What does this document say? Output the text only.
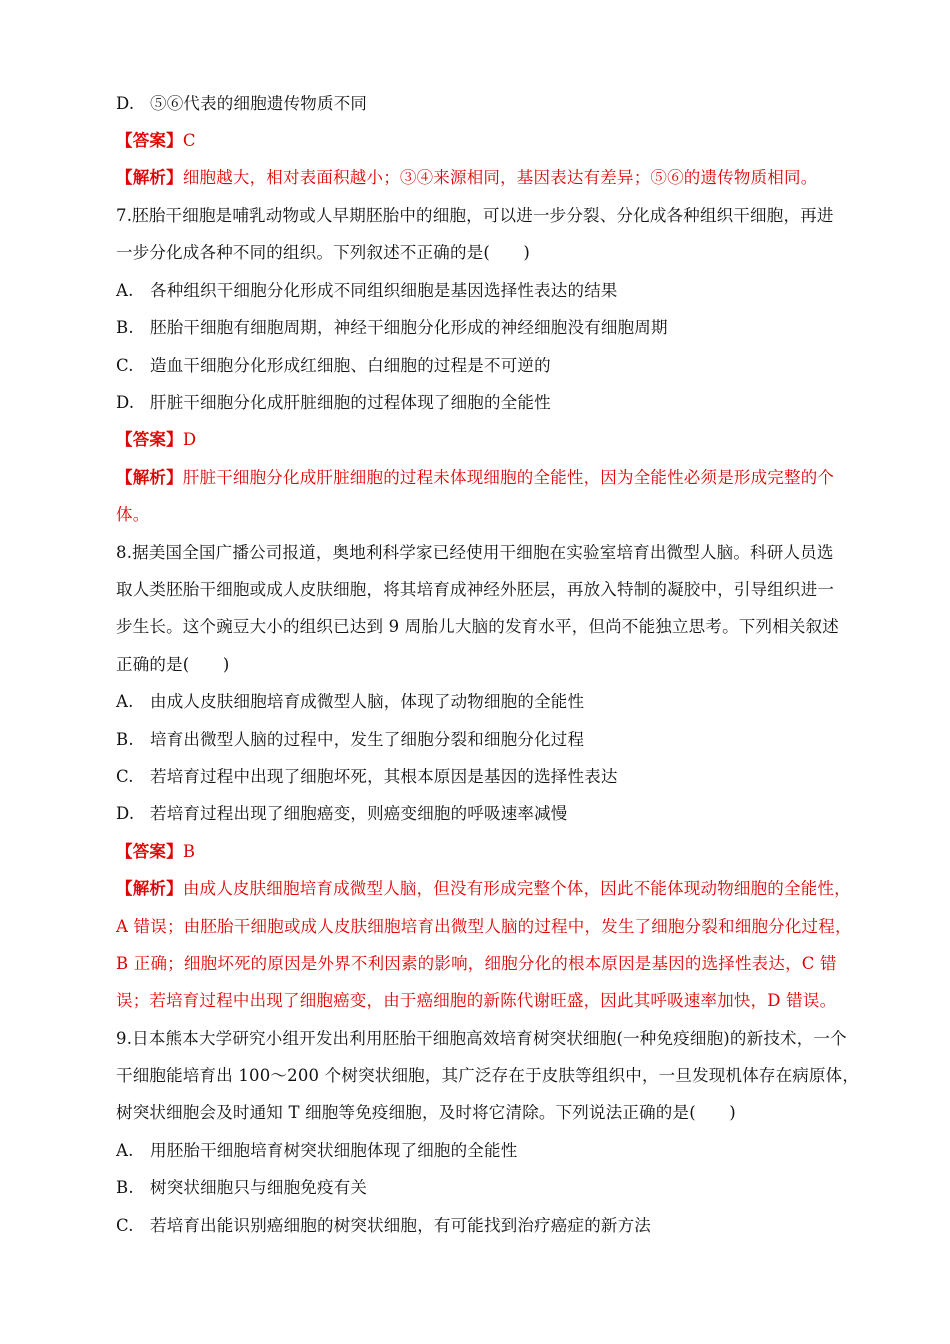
D. ⑤⑥代表的细胞遗传物质不同
【答案】C
【解析】细胞越大，相对表面积越小；③④来源相同，基因表达有差异；⑤⑥的遗传物质相同。
7.胚胎干细胞是哺乳动物或人早期胚胎中的细胞，可以进一步分裂、分化成各种组织干细胞，再进
一步分化成各种不同的组织。下列叙述不正确的是(　　)
A. 各种组织干细胞分化形成不同组织细胞是基因选择性表达的结果
B. 胚胎干细胞有细胞周期，神经干细胞分化形成的神经细胞没有细胞周期
C. 造血干细胞分化形成红细胞、白细胞的过程是不可逆的
D. 肝脏干细胞分化成肝脏细胞的过程体现了细胞的全能性
【答案】D
【解析】肝脏干细胞分化成肝脏细胞的过程未体现细胞的全能性，因为全能性必须是形成完整的个
体。
8.据美国全国广播公司报道，奥地利科学家已经使用干细胞在实验室培育出微型人脑。科研人员选
取人类胚胎干细胞或成人皮肤细胞，将其培育成神经外胚层，再放入特制的凝胶中，引导组织进一
步生长。这个豌豆大小的组织已达到 9 周胎儿大脑的发育水平，但尚不能独立思考。下列相关叙述
正确的是(　　)
A. 由成人皮肤细胞培育成微型人脑，体现了动物细胞的全能性
B. 培育出微型人脑的过程中，发生了细胞分裂和细胞分化过程
C. 若培育过程中出现了细胞坏死，其根本原因是基因的选择性表达
D. 若培育过程出现了细胞癌变，则癌变细胞的呼吸速率减慢
【答案】B
【解析】由成人皮肤细胞培育成微型人脑，但没有形成完整个体，因此不能体现动物细胞的全能性，
A 错误；由胚胎干细胞或成人皮肤细胞培育出微型人脑的过程中，发生了细胞分裂和细胞分化过程，
B 正确；细胞坏死的原因是外界不利因素的影响，细胞分化的根本原因是基因的选择性表达，C 错
误；若培育过程中出现了细胞癌变，由于癌细胞的新陈代谢旺盛，因此其呼吸速率加快，D 错误。
9.日本熊本大学研究小组开发出利用胚胎干细胞高效培育树突状细胞(一种免疫细胞)的新技术，一个
干细胞能培育出 100～200 个树突状细胞，其广泛存在于皮肤等组织中，一旦发现机体存在病原体，
树突状细胞会及时通知 T 细胞等免疫细胞，及时将它清除。下列说法正确的是(　　)
A. 用胚胎干细胞培育树突状细胞体现了细胞的全能性
B. 树突状细胞只与细胞免疫有关
C. 若培育出能识别癌细胞的树突状细胞，有可能找到治疗癌症的新方法
